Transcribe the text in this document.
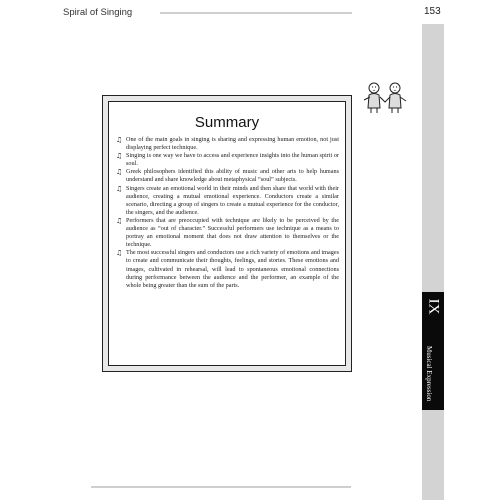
Spiral of Singing	153
IX
Musical Expression
Summary
♫ One of the main goals in singing is sharing and expressing human emotion, not just displaying perfect technique.
♫ Singing is one way we have to access and experience insights into the human spirit or soul.
♫ Greek philosophers identified this ability of music and other arts to help humans understand and share knowledge about metaphysical “soul” subjects.
♫ Singers create an emotional world in their minds and then share that world with their audience, creating a mutual emotional experience. Conductors create a similar scenario, directing a group of singers to create a mutual experience for the conductor, the singers, and the audience.
♫ Performers that are preoccupied with technique are likely to be perceived by the audience as “out of character.” Successful performers use technique as a means to portray an emotional moment that does not draw attention to themselves or the technique.
♫ The most successful singers and conductors use a rich variety of emotions and images to create and communicate their thoughts, feelings, and stories. These emotions and images, cultivated in rehearsal, will lead to spontaneous emotional connections during performance between the audience and the performer, an example of the whole being greater than the sum of the parts.
